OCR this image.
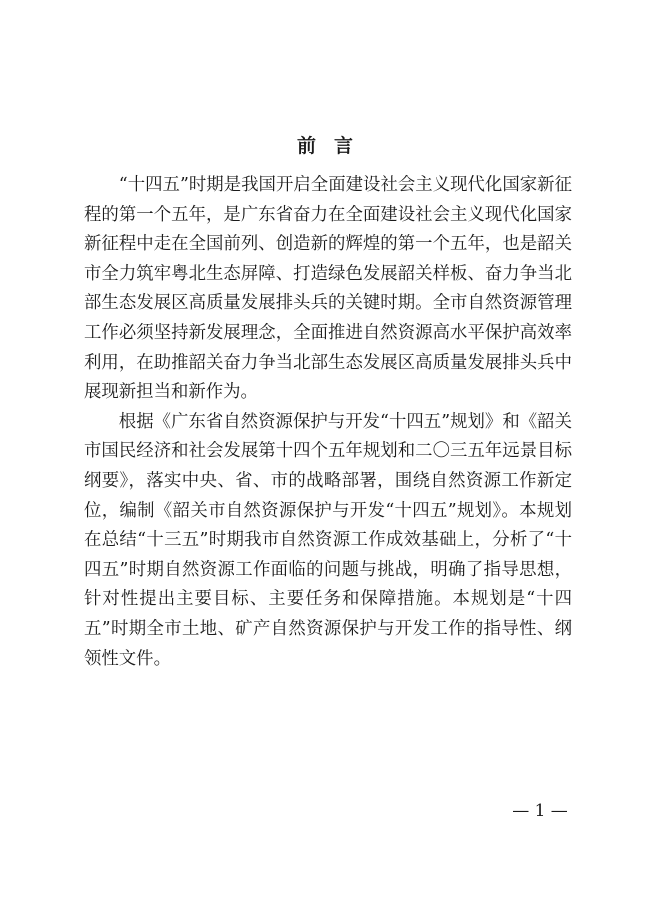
前言

“十四五”时期是我国开启全面建设社会主义现代化国家新征程的第一个五年，是广东省奋力在全面建设社会主义现代化国家新征程中走在全国前列、创造新的辉煌的第一个五年，也是韶关市全力筑牢粤北生态屏障、打造绿色发展韶关样板、奋力争当北部生态发展区高质量发展排头兵的关键时期。全市自然资源管理工作必须坚持新发展理念，全面推进自然资源高水平保护高效率利用，在助推韶关奋力争当北部生态发展区高质量发展排头兵中展现新担当和新作为。

根据《广东省自然资源保护与开发“十四五”规划》和《韶关市国民经济和社会发展第十四个五年规划和二〇三五年远景目标纲要》，落实中央、省、市的战略部署，围绕自然资源工作新定位，编制《韶关市自然资源保护与开发“十四五”规划》。本规划在总结“十三五”时期我市自然资源工作成效基础上，分析了“十四五”时期自然资源工作面临的问题与挑战，明确了指导思想，针对性提出主要目标、主要任务和保障措施。本规划是“十四五”时期全市土地、矿产自然资源保护与开发工作的指导性、纲领性文件。

— 1 —
